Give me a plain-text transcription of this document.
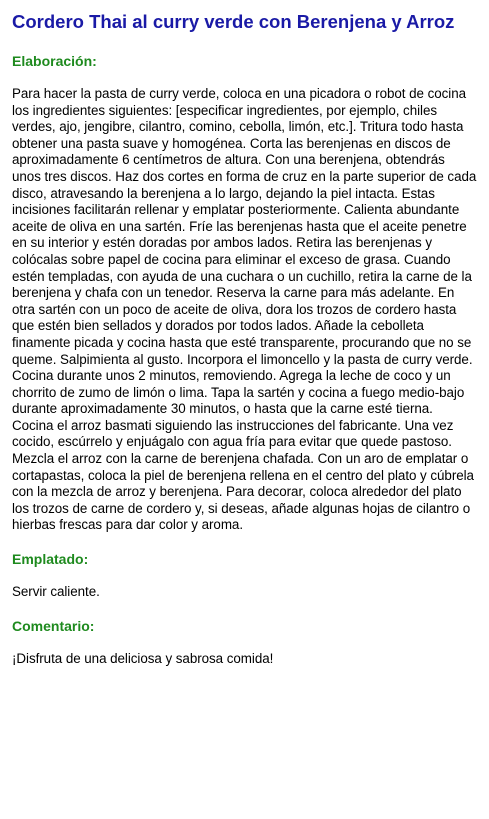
Cordero Thai al curry verde con Berenjena y Arroz
Elaboración:

Para hacer la pasta de curry verde, coloca en una picadora o robot de cocina los ingredientes siguientes: [especificar ingredientes, por ejemplo, chiles verdes, ajo, jengibre, cilantro, comino, cebolla, limón, etc.]. Tritura todo hasta obtener una pasta suave y homogénea. Corta las berenjenas en discos de aproximadamente 6 centímetros de altura. Con una berenjena, obtendrás unos tres discos. Haz dos cortes en forma de cruz en la parte superior de cada disco, atravesando la berenjena a lo largo, dejando la piel intacta. Estas incisiones facilitarán rellenar y emplatar posteriormente. Calienta abundante aceite de oliva en una sartén. Fríe las berenjenas hasta que el aceite penetre en su interior y estén doradas por ambos lados. Retira las berenjenas y colócalas sobre papel de cocina para eliminar el exceso de grasa. Cuando estén templadas, con ayuda de una cuchara o un cuchillo, retira la carne de la berenjena y chafa con un tenedor. Reserva la carne para más adelante. En otra sartén con un poco de aceite de oliva, dora los trozos de cordero hasta que estén bien sellados y dorados por todos lados. Añade la cebolleta finamente picada y cocina hasta que esté transparente, procurando que no se queme. Salpimienta al gusto. Incorpora el limoncello y la pasta de curry verde. Cocina durante unos 2 minutos, removiendo. Agrega la leche de coco y un chorrito de zumo de limón o lima. Tapa la sartén y cocina a fuego medio-bajo durante aproximadamente 30 minutos, o hasta que la carne esté tierna. Cocina el arroz basmati siguiendo las instrucciones del fabricante. Una vez cocido, escúrrelo y enjuágalo con agua fría para evitar que quede pastoso. Mezcla el arroz con la carne de berenjena chafada. Con un aro de emplatar o cortapastas, coloca la piel de berenjena rellena en el centro del plato y cúbrela con la mezcla de arroz y berenjena. Para decorar, coloca alrededor del plato los trozos de carne de cordero y, si deseas, añade algunas hojas de cilantro o hierbas frescas para dar color y aroma.

Emplatado:

Servir caliente.

Comentario:

¡Disfruta de una deliciosa y sabrosa comida!
